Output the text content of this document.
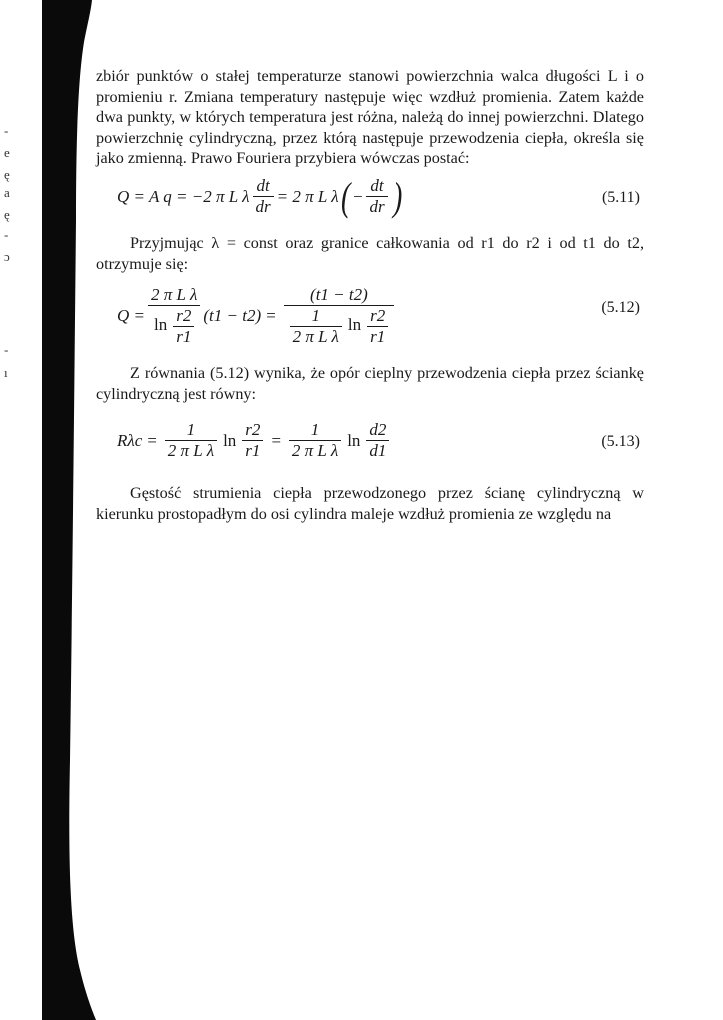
-
e
ę
a
ę
-
ɔ
-
ı
zbiór punktów o stałej temperaturze stanowi powierzchnia walca długości L i o promieniu r. Zmiana temperatury następuje więc wzdłuż promienia. Zatem każde dwa punkty, w których temperatura jest różna, należą do innej powierzchni. Dlatego powierzchnię cylindryczną, przez którą następuje przewodzenia ciepła, określa się jako zmienną. Prawo Fouriera przybiera wówczas postać:
Q = A q = −2 π L λ $\frac{dt}{dr} = 2$ π L λ ( − $\frac{dt}{dr}$ )	(5.11)
Przyjmując λ = const oraz granice całkowania od r1 do r2 i od t1 do t2, otrzymuje się:
$Q = \frac{\text{2 π L λ}}{\ln \frac{r2}{r1}} (t1 - t2) = \frac{(t1 - t2)}{\frac{1}{\text{2 π L λ}} \ln \frac{r2}{r1}}$	(5.12)
Z równania (5.12) wynika, że opór cieplny przewodzenia ciepła przez ściankę cylindryczną jest równy:
$R\lambda c = \frac{1}{\text{2 π L λ}}$ $\ln \frac{r2}{r1} = \frac{1}{\text{2 π L λ}}$ $\ln \frac{d2}{d1}$	(5.13)
Gęstość strumienia ciepła przewodzonego przez ścianę cylindryczną w kierunku prostopadłym do osi cylindra maleje wzdłuż promienia ze względu na
